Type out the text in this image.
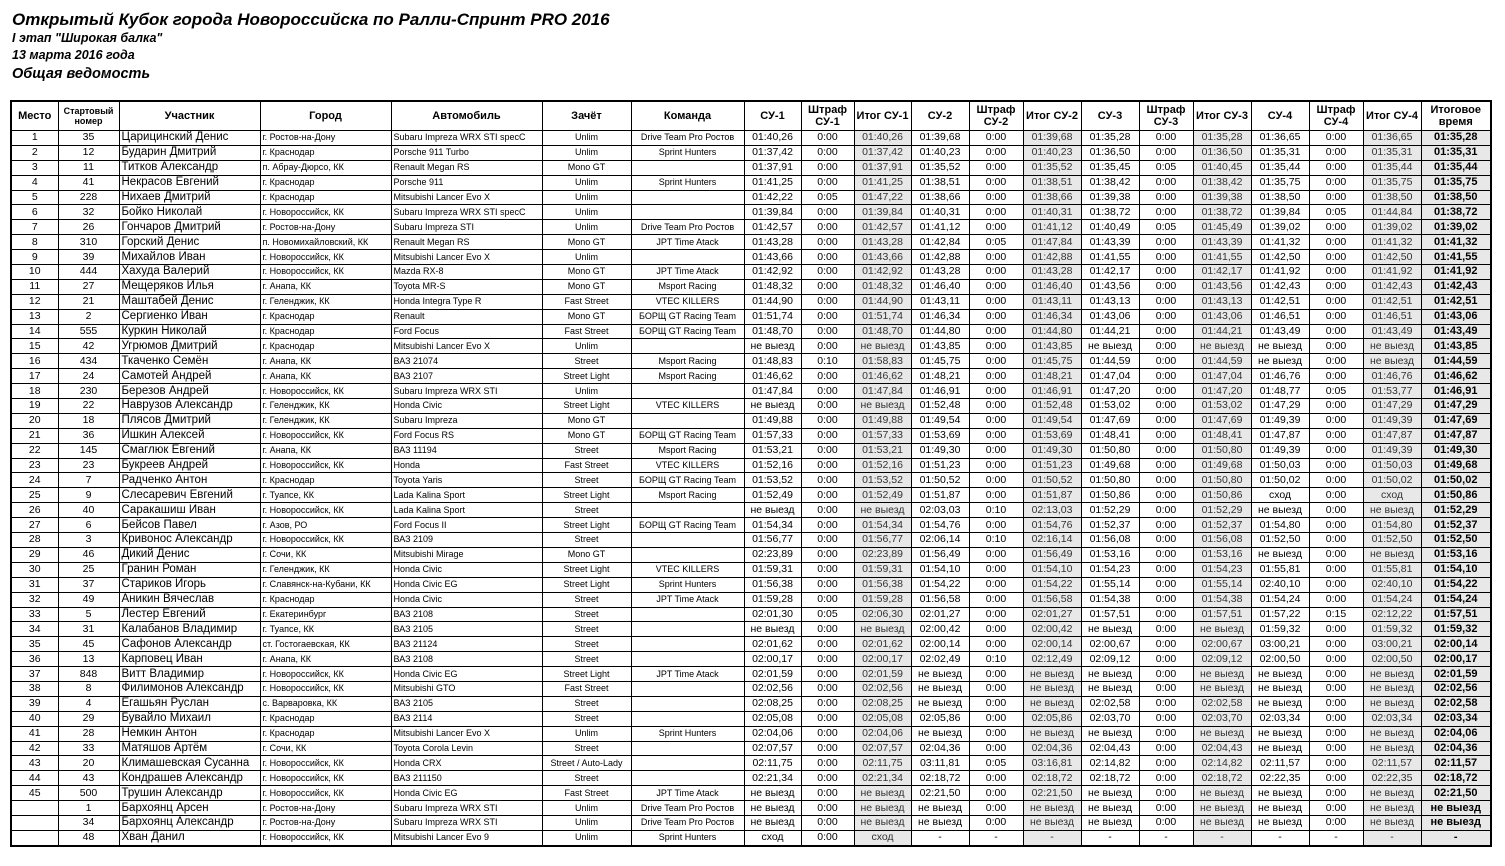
Открытый Кубок города Новороссийска по Ралли-Спринт PRO 2016
I этап "Широкая балка"
13 марта 2016 года
Общая ведомость
Место	Стартовый номер	Участник	Город	Автомобиль	Зачёт	Команда	СУ-1	Штраф СУ-1	Итог СУ-1	СУ-2	Штраф СУ-2	Итог СУ-2	СУ-3	Штраф СУ-3	Итог СУ-3	СУ-4	Штраф СУ-4	Итог СУ-4	Итоговое время
1	35	Царицинский Денис	г. Ростов-на-Дону	Subaru Impreza WRX STI specC	Unlim	Drive Team Pro Ростов	01:40,26	0:00	01:40,26	01:39,68	0:00	01:39,68	01:35,28	0:00	01:35,28	01:36,65	0:00	01:36,65	01:35,28
2	12	Бударин Дмитрий	г. Краснодар	Porsche 911 Turbo	Unlim	Sprint Hunters	01:37,42	0:00	01:37,42	01:40,23	0:00	01:40,23	01:36,50	0:00	01:36,50	01:35,31	0:00	01:35,31	01:35,31
3	11	Титков Александр	п. Абрау-Дюрсо, КК	Renault Megan RS	Mono GT		01:37,91	0:00	01:37,91	01:35,52	0:00	01:35,52	01:35,45	0:05	01:40,45	01:35,44	0:00	01:35,44	01:35,44
4	41	Некрасов Евгений	г. Краснодар	Porsche 911	Unlim	Sprint Hunters	01:41,25	0:00	01:41,25	01:38,51	0:00	01:38,51	01:38,42	0:00	01:38,42	01:35,75	0:00	01:35,75	01:35,75
5	228	Нихаев Дмитрий	г. Краснодар	Mitsubishi Lancer Evo X	Unlim		01:42,22	0:05	01:47,22	01:38,66	0:00	01:38,66	01:39,38	0:00	01:39,38	01:38,50	0:00	01:38,50	01:38,50
6	32	Бойко Николай	г. Новороссийск, КК	Subaru Impreza WRX STI specC	Unlim		01:39,84	0:00	01:39,84	01:40,31	0:00	01:40,31	01:38,72	0:00	01:38,72	01:39,84	0:05	01:44,84	01:38,72
7	26	Гончаров Дмитрий	г. Ростов-на-Дону	Subaru Impreza STI	Unlim	Drive Team Pro Ростов	01:42,57	0:00	01:42,57	01:41,12	0:00	01:41,12	01:40,49	0:05	01:45,49	01:39,02	0:00	01:39,02	01:39,02
8	310	Горский Денис	п. Новомихайловский, КК	Renault Megan RS	Mono GT	JPT Time Atack	01:43,28	0:00	01:43,28	01:42,84	0:05	01:47,84	01:43,39	0:00	01:43,39	01:41,32	0:00	01:41,32	01:41,32
9	39	Михайлов Иван	г. Новороссийск, КК	Mitsubishi Lancer Evo X	Unlim		01:43,66	0:00	01:43,66	01:42,88	0:00	01:42,88	01:41,55	0:00	01:41,55	01:42,50	0:00	01:42,50	01:41,55
10	444	Хахуда Валерий	г. Новороссийск, КК	Mazda RX-8	Mono GT	JPT Time Atack	01:42,92	0:00	01:42,92	01:43,28	0:00	01:43,28	01:42,17	0:00	01:42,17	01:41,92	0:00	01:41,92	01:41,92
11	27	Мещеряков Илья	г. Анапа, КК	Toyota MR-S	Mono GT	Msport Racing	01:48,32	0:00	01:48,32	01:46,40	0:00	01:46,40	01:43,56	0:00	01:43,56	01:42,43	0:00	01:42,43	01:42,43
12	21	Маштабей Денис	г. Геленджик, КК	Honda Integra Type R	Fast Street	VTEC KILLERS	01:44,90	0:00	01:44,90	01:43,11	0:00	01:43,11	01:43,13	0:00	01:43,13	01:42,51	0:00	01:42,51	01:42,51
13	2	Сергиенко Иван	г. Краснодар	Renault	Mono GT	БОРЩ GT Racing Team	01:51,74	0:00	01:51,74	01:46,34	0:00	01:46,34	01:43,06	0:00	01:43,06	01:46,51	0:00	01:46,51	01:43,06
14	555	Куркин Николай	г. Краснодар	Ford Focus	Fast Street	БОРЩ GT Racing Team	01:48,70	0:00	01:48,70	01:44,80	0:00	01:44,80	01:44,21	0:00	01:44,21	01:43,49	0:00	01:43,49	01:43,49
15	42	Угрюмов Дмитрий	г. Краснодар	Mitsubishi Lancer Evo X	Unlim		не выезд	0:00	не выезд	01:43,85	0:00	01:43,85	не выезд	0:00	не выезд	не выезд	0:00	не выезд	01:43,85
16	434	Ткаченко Семён	г. Анапа, КК	ВАЗ 21074	Street	Msport Racing	01:48,83	0:10	01:58,83	01:45,75	0:00	01:45,75	01:44,59	0:00	01:44,59	не выезд	0:00	не выезд	01:44,59
17	24	Самотей Андрей	г. Анапа, КК	ВАЗ 2107	Street Light	Msport Racing	01:46,62	0:00	01:46,62	01:48,21	0:00	01:48,21	01:47,04	0:00	01:47,04	01:46,76	0:00	01:46,76	01:46,62
18	230	Березов Андрей	г. Новороссийск, КК	Subaru Impreza WRX STI	Unlim		01:47,84	0:00	01:47,84	01:46,91	0:00	01:46,91	01:47,20	0:00	01:47,20	01:48,77	0:05	01:53,77	01:46,91
19	22	Наврузов Александр	г. Геленджик, КК	Honda Civic	Street Light	VTEC KILLERS	не выезд	0:00	не выезд	01:52,48	0:00	01:52,48	01:53,02	0:00	01:53,02	01:47,29	0:00	01:47,29	01:47,29
20	18	Плясов Дмитрий	г. Геленджик, КК	Subaru Impreza	Mono GT		01:49,88	0:00	01:49,88	01:49,54	0:00	01:49,54	01:47,69	0:00	01:47,69	01:49,39	0:00	01:49,39	01:47,69
21	36	Ишкин Алексей	г. Новороссийск, КК	Ford Focus RS	Mono GT	БОРЩ GT Racing Team	01:57,33	0:00	01:57,33	01:53,69	0:00	01:53,69	01:48,41	0:00	01:48,41	01:47,87	0:00	01:47,87	01:47,87
22	145	Смаглюк Евгений	г. Анапа, КК	ВАЗ 11194	Street	Msport Racing	01:53,21	0:00	01:53,21	01:49,30	0:00	01:49,30	01:50,80	0:00	01:50,80	01:49,39	0:00	01:49,39	01:49,30
23	23	Букреев Андрей	г. Новороссийск, КК	Honda	Fast Street	VTEC KILLERS	01:52,16	0:00	01:52,16	01:51,23	0:00	01:51,23	01:49,68	0:00	01:49,68	01:50,03	0:00	01:50,03	01:49,68
24	7	Радченко Антон	г. Краснодар	Toyota Yaris	Street	БОРЩ GT Racing Team	01:53,52	0:00	01:53,52	01:50,52	0:00	01:50,52	01:50,80	0:00	01:50,80	01:50,02	0:00	01:50,02	01:50,02
25	9	Слесаревич Евгений	г. Туапсе, КК	Lada Kalina Sport	Street Light	Msport Racing	01:52,49	0:00	01:52,49	01:51,87	0:00	01:51,87	01:50,86	0:00	01:50,86	сход	0:00	сход	01:50,86
26	40	Саракашиш Иван	г. Новороссийск, КК	Lada Kalina Sport	Street		не выезд	0:00	не выезд	02:03,03	0:10	02:13,03	01:52,29	0:00	01:52,29	не выезд	0:00	не выезд	01:52,29
27	6	Бейсов Павел	г. Азов, РО	Ford Focus II	Street Light	БОРЩ GT Racing Team	01:54,34	0:00	01:54,34	01:54,76	0:00	01:54,76	01:52,37	0:00	01:52,37	01:54,80	0:00	01:54,80	01:52,37
28	3	Кривонос Александр	г. Новороссийск, КК	ВАЗ 2109	Street		01:56,77	0:00	01:56,77	02:06,14	0:10	02:16,14	01:56,08	0:00	01:56,08	01:52,50	0:00	01:52,50	01:52,50
29	46	Дикий Денис	г. Сочи, КК	Mitsubishi Mirage	Mono GT		02:23,89	0:00	02:23,89	01:56,49	0:00	01:56,49	01:53,16	0:00	01:53,16	не выезд	0:00	не выезд	01:53,16
30	25	Гранин Роман	г. Геленджик, КК	Honda Civic	Street Light	VTEC KILLERS	01:59,31	0:00	01:59,31	01:54,10	0:00	01:54,10	01:54,23	0:00	01:54,23	01:55,81	0:00	01:55,81	01:54,10
31	37	Стариков Игорь	г. Славянск-на-Кубани, КК	Honda Civic EG	Street Light	Sprint Hunters	01:56,38	0:00	01:56,38	01:54,22	0:00	01:54,22	01:55,14	0:00	01:55,14	02:40,10	0:00	02:40,10	01:54,22
32	49	Аникин Вячеслав	г. Краснодар	Honda Civic	Street	JPT Time Atack	01:59,28	0:00	01:59,28	01:56,58	0:00	01:56,58	01:54,38	0:00	01:54,38	01:54,24	0:00	01:54,24	01:54,24
33	5	Лестер Евгений	г. Екатеринбург	ВАЗ 2108	Street		02:01,30	0:05	02:06,30	02:01,27	0:00	02:01,27	01:57,51	0:00	01:57,51	01:57,22	0:15	02:12,22	01:57,51
34	31	Калабанов Владимир	г. Туапсе, КК	ВАЗ 2105	Street		не выезд	0:00	не выезд	02:00,42	0:00	02:00,42	не выезд	0:00	не выезд	01:59,32	0:00	01:59,32	01:59,32
35	45	Сафонов Александр	ст. Гостогаевская, КК	ВАЗ 21124	Street		02:01,62	0:00	02:01,62	02:00,14	0:00	02:00,14	02:00,67	0:00	02:00,67	03:00,21	0:00	03:00,21	02:00,14
36	13	Карповец Иван	г. Анапа, КК	ВАЗ 2108	Street		02:00,17	0:00	02:00,17	02:02,49	0:10	02:12,49	02:09,12	0:00	02:09,12	02:00,50	0:00	02:00,50	02:00,17
37	848	Витт Владимир	г. Новороссийск, КК	Honda Civic EG	Street Light	JPT Time Atack	02:01,59	0:00	02:01,59	не выезд	0:00	не выезд	не выезд	0:00	не выезд	не выезд	0:00	не выезд	02:01,59
38	8	Филимонов Александр	г. Новороссийск, КК	Mitsubishi GTO	Fast Street		02:02,56	0:00	02:02,56	не выезд	0:00	не выезд	не выезд	0:00	не выезд	не выезд	0:00	не выезд	02:02,56
39	4	Егашьян Руслан	с. Варваровка, КК	ВАЗ 2105	Street		02:08,25	0:00	02:08,25	не выезд	0:00	не выезд	02:02,58	0:00	02:02,58	не выезд	0:00	не выезд	02:02,58
40	29	Бувайло Михаил	г. Краснодар	ВАЗ 2114	Street		02:05,08	0:00	02:05,08	02:05,86	0:00	02:05,86	02:03,70	0:00	02:03,70	02:03,34	0:00	02:03,34	02:03,34
41	28	Немкин Антон	г. Краснодар	Mitsubishi Lancer Evo X	Unlim	Sprint Hunters	02:04,06	0:00	02:04,06	не выезд	0:00	не выезд	не выезд	0:00	не выезд	не выезд	0:00	не выезд	02:04,06
42	33	Матяшов Артём	г. Сочи, КК	Toyota Corola Levin	Street		02:07,57	0:00	02:07,57	02:04,36	0:00	02:04,36	02:04,43	0:00	02:04,43	не выезд	0:00	не выезд	02:04,36
43	20	Климашевская Сусанна	г. Новороссийск, КК	Honda CRX	Street / Auto-Lady		02:11,75	0:00	02:11,75	03:11,81	0:05	03:16,81	02:14,82	0:00	02:14,82	02:11,57	0:00	02:11,57	02:11,57
44	43	Кондрашев Александр	г. Новороссийск, КК	ВАЗ 211150	Street		02:21,34	0:00	02:21,34	02:18,72	0:00	02:18,72	02:18,72	0:00	02:18,72	02:22,35	0:00	02:22,35	02:18,72
45	500	Трушин Александр	г. Новороссийск, КК	Honda Civic EG	Fast Street	JPT Time Atack	не выезд	0:00	не выезд	02:21,50	0:00	02:21,50	не выезд	0:00	не выезд	не выезд	0:00	не выезд	02:21,50
	1	Бархоянц Арсен	г. Ростов-на-Дону	Subaru Impreza WRX STI	Unlim	Drive Team Pro Ростов	не выезд	0:00	не выезд	не выезд	0:00	не выезд	не выезд	0:00	не выезд	не выезд	0:00	не выезд	не выезд
	34	Бархоянц Александр	г. Ростов-на-Дону	Subaru Impreza WRX STI	Unlim	Drive Team Pro Ростов	не выезд	0:00	не выезд	не выезд	0:00	не выезд	не выезд	0:00	не выезд	не выезд	0:00	не выезд	не выезд
	48	Хван Данил	г. Новороссийск, КК	Mitsubishi Lancer Evo 9	Unlim	Sprint Hunters	сход	0:00	сход	-	-	-	-	-	-	-	-	-	-
